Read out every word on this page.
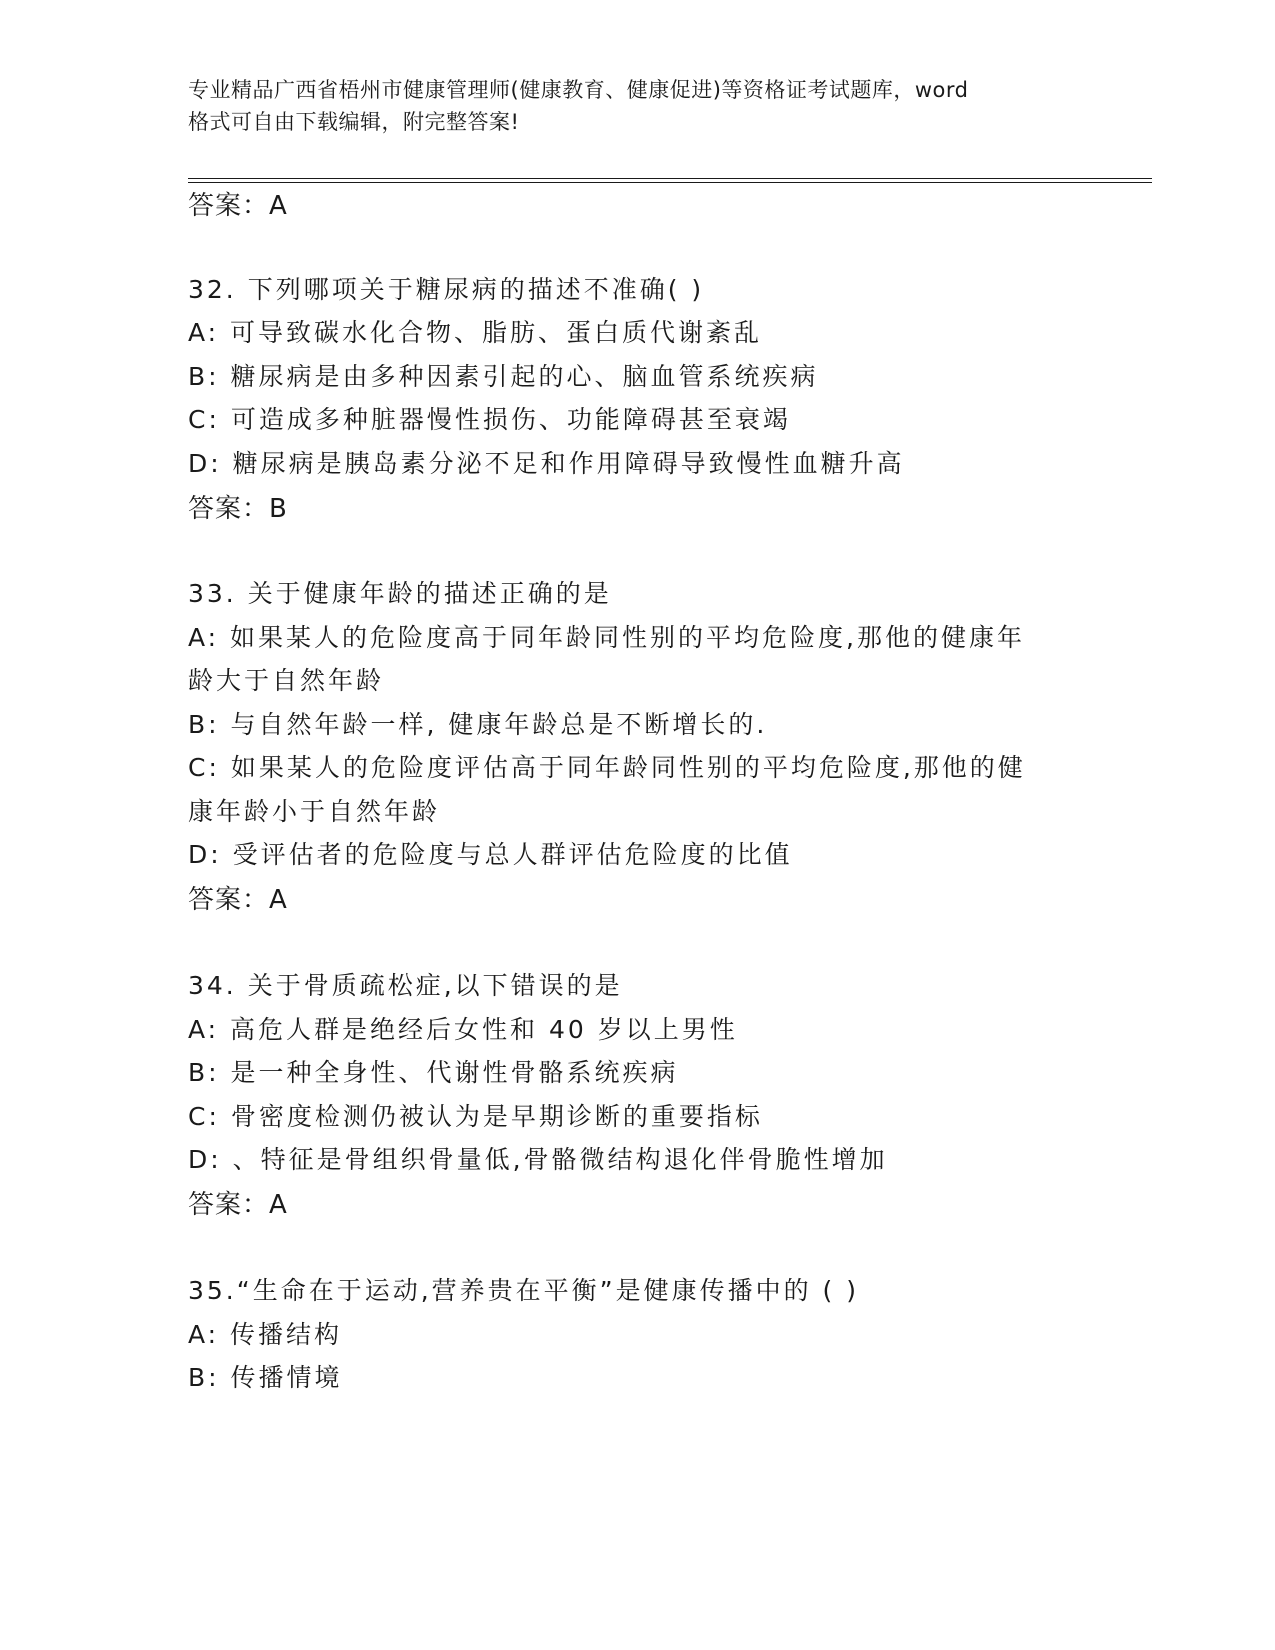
专业精品广西省梧州市健康管理师(健康教育、健康促进)等资格证考试题库，word
格式可自由下载编辑，附完整答案!
答案：A
32. 下列哪项关于糖尿病的描述不准确( )
A: 可导致碳水化合物、脂肪、蛋白质代谢紊乱
B: 糖尿病是由多种因素引起的心、脑血管系统疾病
C: 可造成多种脏器慢性损伤、功能障碍甚至衰竭
D: 糖尿病是胰岛素分泌不足和作用障碍导致慢性血糖升高
答案：B
33. 关于健康年龄的描述正确的是
A: 如果某人的危险度高于同年龄同性别的平均危险度,那他的健康年
龄大于自然年龄
B: 与自然年龄一样, 健康年龄总是不断增长的.
C: 如果某人的危险度评估高于同年龄同性别的平均危险度,那他的健
康年龄小于自然年龄
D: 受评估者的危险度与总人群评估危险度的比值
答案：A
34. 关于骨质疏松症,以下错误的是
A: 高危人群是绝经后女性和 40 岁以上男性
B: 是一种全身性、代谢性骨骼系统疾病
C: 骨密度检测仍被认为是早期诊断的重要指标
D: 、特征是骨组织骨量低,骨骼微结构退化伴骨脆性增加
答案：A
35.“生命在于运动,营养贵在平衡”是健康传播中的 ( )
A: 传播结构
B: 传播情境
